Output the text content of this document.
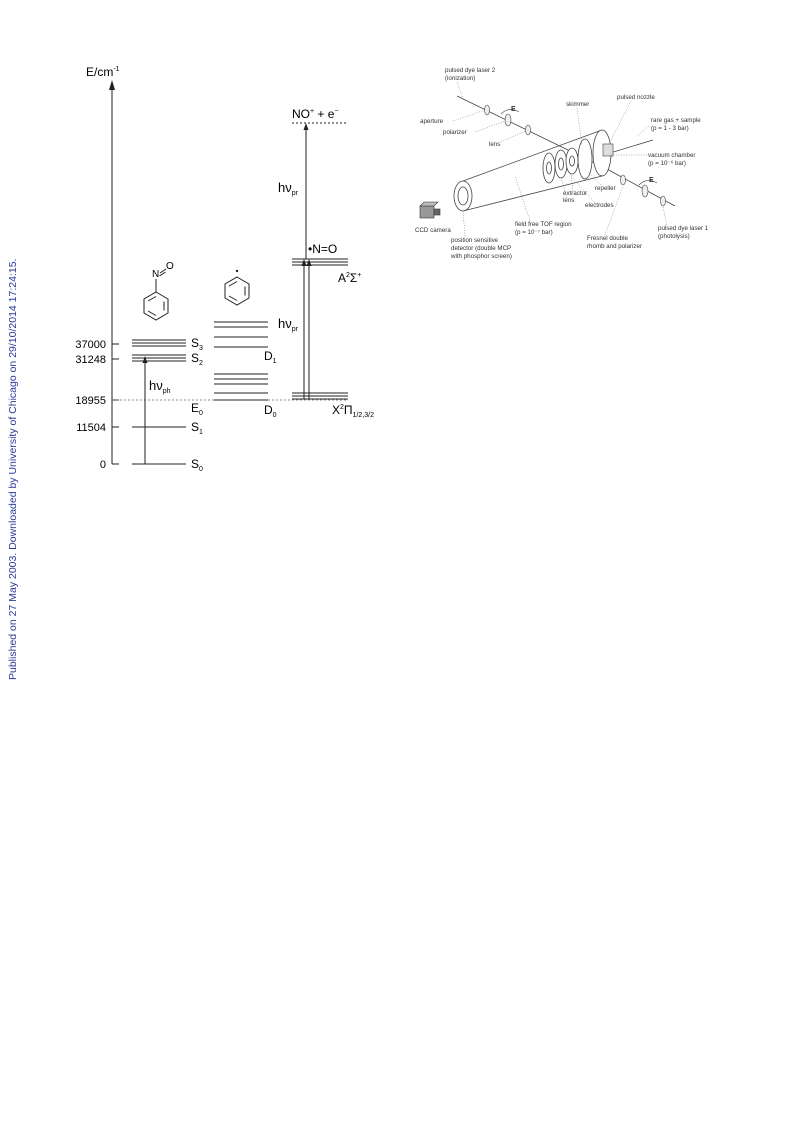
Published on 27 May 2003. Downloaded by University of Chicago on 29/10/2014 17:24:15.
$E/cm^{-1}$
37000
31248
18955
11504
0
$S_3$
$S_2$
$E_0$
$S_1$
$S_0$
$h\nu_{ph}$
N
O
$D_1$
$D_0$
NO+ + e−
•N=O
$A^2\Sigma^+$
$X^2\Pi_{1/2,3/2}$
$h\nu_{pr}$
$h\nu_{pr}$
E
E
pulsed dye laser 2
(ionization)
aperture
polarizer
lens
skimmer
pulsed nozzle
rare gas + sample
(p = 1 - 3 bar)
vacuum chamber
(p = 10⁻⁶ bar)
repeller
extractor
lens
electrodes
field free TOF region
(p = 10⁻⁷ bar)
CCD camera
position sensitive
detector (double MCP
with phosphor screen)
Fresnel double
rhomb and polarizer
pulsed dye laser 1
(photolysis)
